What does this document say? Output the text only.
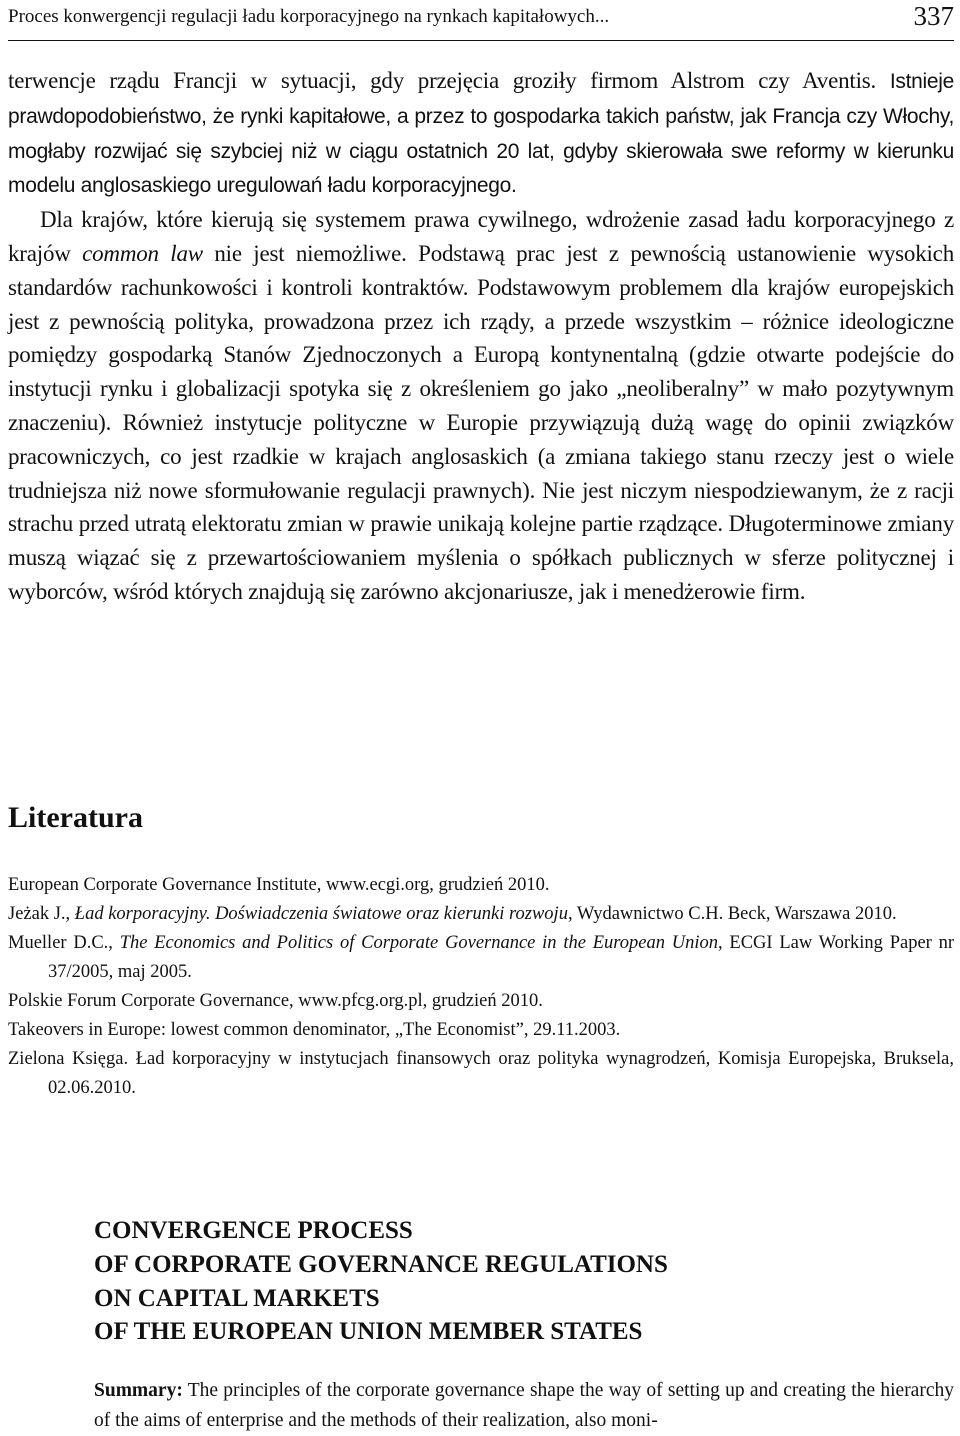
Proces konwergencji regulacji ładu korporacyjnego na rynkach kapitałowych...	337

terwencje rządu Francji w sytuacji, gdy przejęcia groziły firmom Alstrom czy Aventis. Istnieje prawdopodobieństwo, że rynki kapitałowe, a przez to gospodarka takich państw, jak Francja czy Włochy, mogłaby rozwijać się szybciej niż w ciągu ostatnich 20 lat, gdyby skierowała swe reformy w kierunku modelu anglosaskiego uregulowań ładu korporacyjnego.

Dla krajów, które kierują się systemem prawa cywilnego, wdrożenie zasad ładu korporacyjnego z krajów common law nie jest niemożliwe. Podstawą prac jest z pewnością ustanowienie wysokich standardów rachunkowości i kontroli kontraktów. Podstawowym problemem dla krajów europejskich jest z pewnością polityka, prowadzona przez ich rządy, a przede wszystkim – różnice ideologiczne pomiędzy gospodarką Stanów Zjednoczonych a Europą kontynentalną (gdzie otwarte podejście do instytucji rynku i globalizacji spotyka się z określeniem go jako „neoliberalny” w mało pozytywnym znaczeniu). Również instytucje polityczne w Europie przywiązują dużą wagę do opinii związków pracowniczych, co jest rzadkie w krajach anglosaskich (a zmiana takiego stanu rzeczy jest o wiele trudniejsza niż nowe sformułowanie regulacji prawnych). Nie jest niczym niespodziewanym, że z racji strachu przed utratą elektoratu zmian w prawie unikają kolejne partie rządzące. Długoterminowe zmiany muszą wiązać się z przewartościowaniem myślenia o spółkach publicznych w sferze politycznej i wyborców, wśród których znajdują się zarówno akcjonariusze, jak i menedżerowie firm.

Literatura
European Corporate Governance Institute, www.ecgi.org, grudzień 2010.
Jeżak J., Ład korporacyjny. Doświadczenia światowe oraz kierunki rozwoju, Wydawnictwo C.H. Beck, Warszawa 2010.
Mueller D.C., The Economics and Politics of Corporate Governance in the European Union, ECGI Law Working Paper nr 37/2005, maj 2005.
Polskie Forum Corporate Governance, www.pfcg.org.pl, grudzień 2010.
Takeovers in Europe: lowest common denominator, „The Economist”, 29.11.2003.
Zielona Księga. Ład korporacyjny w instytucjach finansowych oraz polityka wynagrodzeń, Komisja Europejska, Bruksela, 02.06.2010.
CONVERGENCE PROCESS
OF CORPORATE GOVERNANCE REGULATIONS
ON CAPITAL MARKETS
OF THE EUROPEAN UNION MEMBER STATES

Summary: The principles of the corporate governance shape the way of setting up and creating the hierarchy of the aims of enterprise and the methods of their realization, also moni-
